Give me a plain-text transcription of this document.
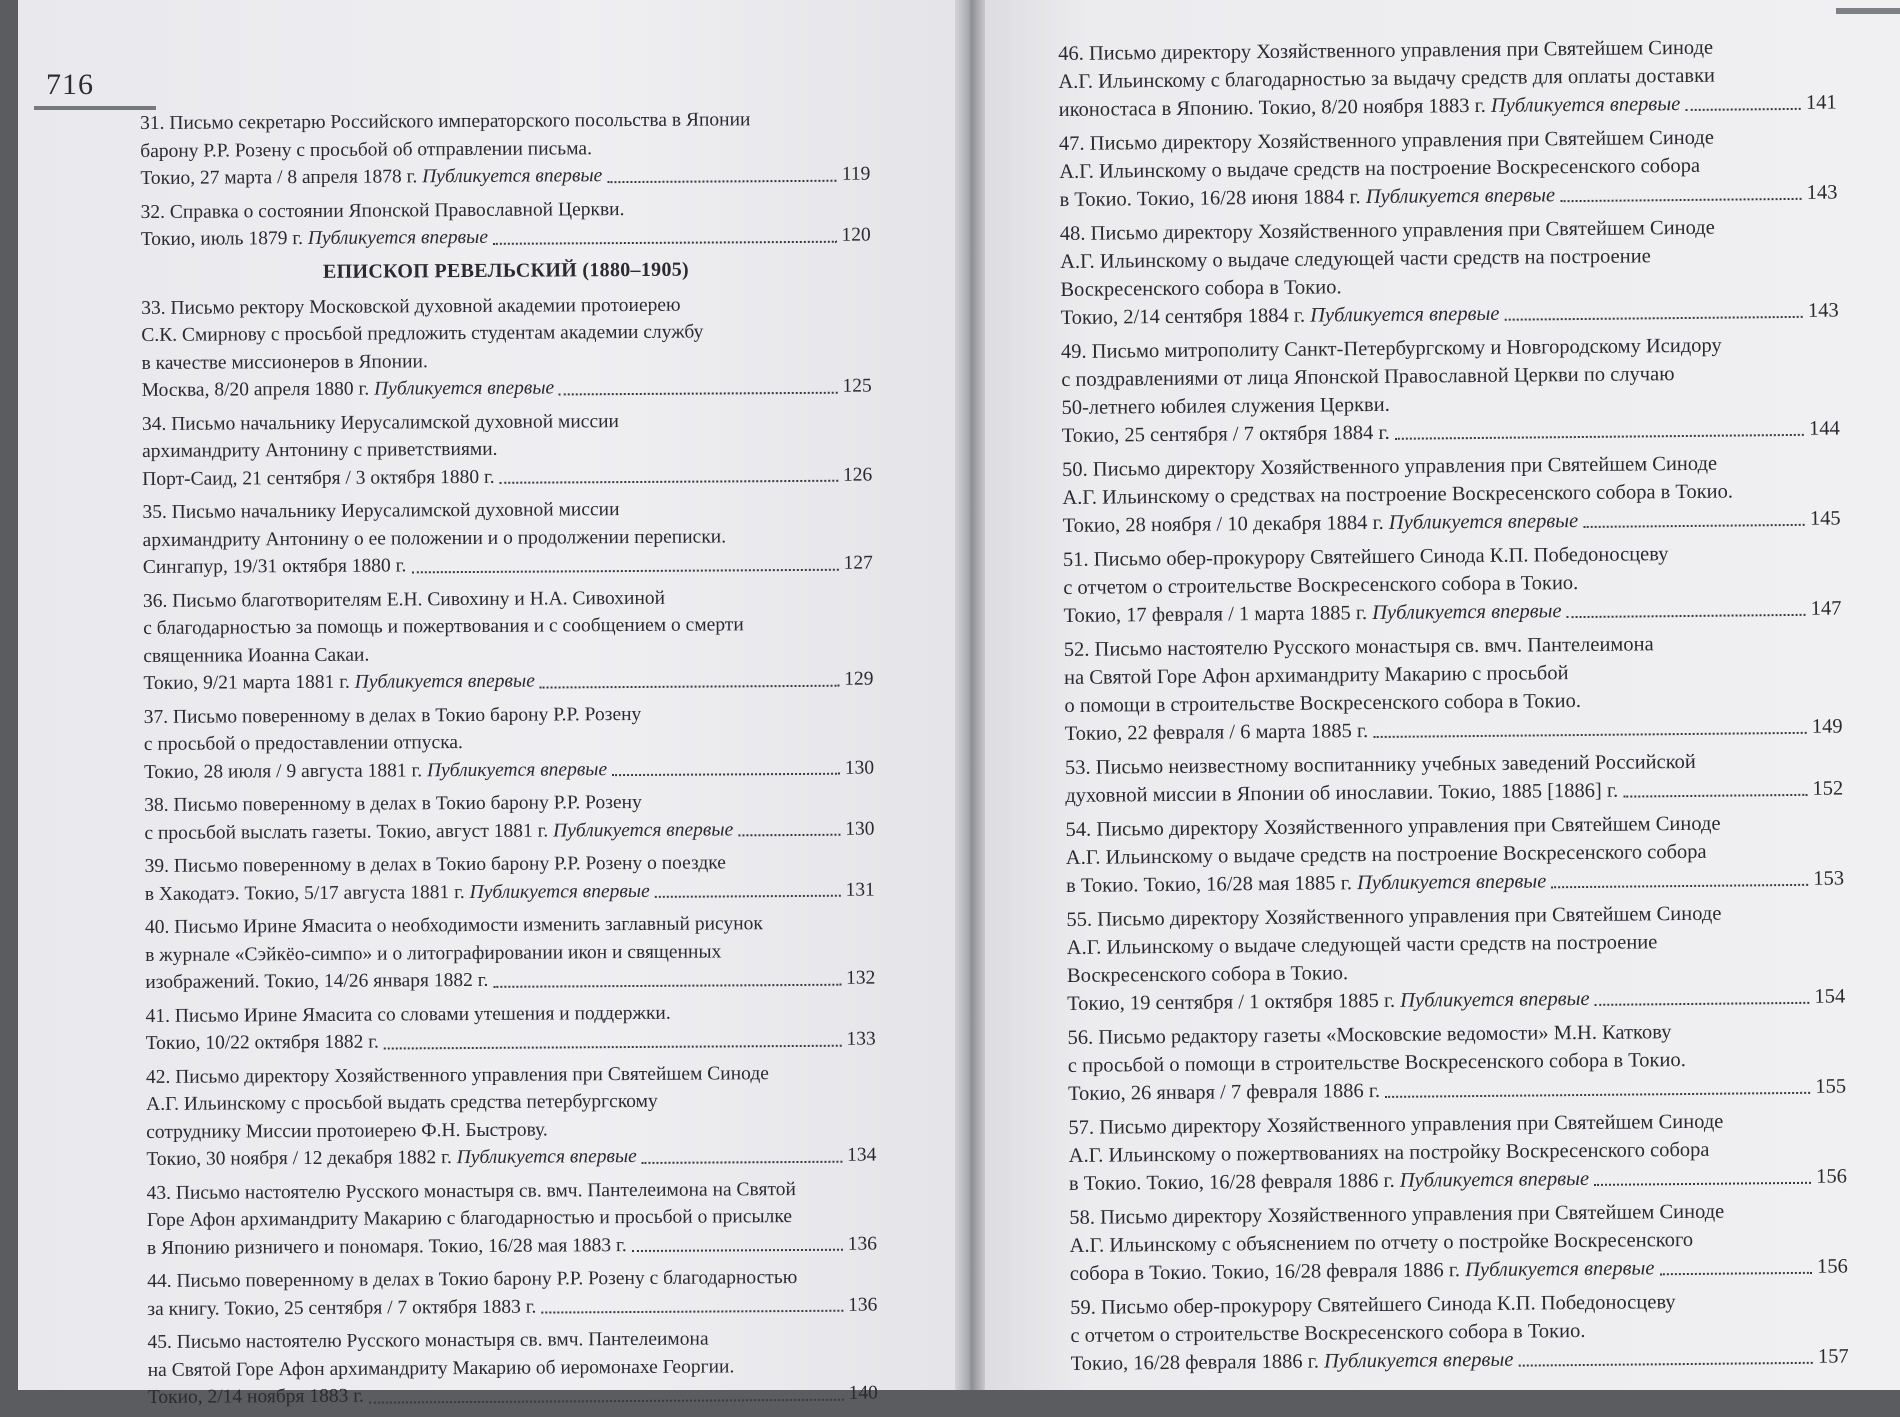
716
31. Письмо секретарю Российского императорского посольства в Японии
барону Р.Р. Розену с просьбой об отправлении письма.
Токио, 27 марта / 8 апреля 1878 г. Публикуется впервые	119
32. Справка о состоянии Японской Православной Церкви.
Токио, июль 1879 г. Публикуется впервые	120
ЕПИСКОП РЕВЕЛЬСКИЙ (1880–1905)
33. Письмо ректору Московской духовной академии протоиерею
С.К. Смирнову с просьбой предложить студентам академии службу
в качестве миссионеров в Японии.
Москва, 8/20 апреля 1880 г. Публикуется впервые	125
34. Письмо начальнику Иерусалимской духовной миссии
архимандриту Антонину с приветствиями.
Порт-Саид, 21 сентября / 3 октября 1880 г.	126
35. Письмо начальнику Иерусалимской духовной миссии
архимандриту Антонину о ее положении и о продолжении переписки.
Сингапур, 19/31 октября 1880 г.	127
36. Письмо благотворителям Е.Н. Сивохину и Н.А. Сивохиной
с благодарностью за помощь и пожертвования и с сообщением о смерти
священника Иоанна Сакаи.
Токио, 9/21 марта 1881 г. Публикуется впервые	129
37. Письмо поверенному в делах в Токио барону Р.Р. Розену
с просьбой о предоставлении отпуска.
Токио, 28 июля / 9 августа 1881 г. Публикуется впервые	130
38. Письмо поверенному в делах в Токио барону Р.Р. Розену
с просьбой выслать газеты. Токио, август 1881 г. Публикуется впервые	130
39. Письмо поверенному в делах в Токио барону Р.Р. Розену о поездке
в Хакодатэ. Токио, 5/17 августа 1881 г. Публикуется впервые	131
40. Письмо Ирине Ямасита о необходимости изменить заглавный рисунок
в журнале «Сэйкёо-симпо» и о литографировании икон и священных
изображений. Токио, 14/26 января 1882 г.	132
41. Письмо Ирине Ямасита со словами утешения и поддержки.
Токио, 10/22 октября 1882 г.	133
42. Письмо директору Хозяйственного управления при Святейшем Синоде
А.Г. Ильинскому с просьбой выдать средства петербургскому
сотруднику Миссии протоиерею Ф.Н. Быстрову.
Токио, 30 ноября / 12 декабря 1882 г. Публикуется впервые	134
43. Письмо настоятелю Русского монастыря св. вмч. Пантелеимона на Святой
Горе Афон архимандриту Макарию с благодарностью и просьбой о присылке
в Японию ризничего и пономаря. Токио, 16/28 мая 1883 г.	136
44. Письмо поверенному в делах в Токио барону Р.Р. Розену с благодарностью
за книгу. Токио, 25 сентября / 7 октября 1883 г.	136
45. Письмо настоятелю Русского монастыря св. вмч. Пантелеимона
на Святой Горе Афон архимандриту Макарию об иеромонахе Георгии.
Токио, 2/14 ноября 1883 г.	140
46. Письмо директору Хозяйственного управления при Святейшем Синоде
А.Г. Ильинскому с благодарностью за выдачу средств для оплаты доставки
иконостаса в Японию. Токио, 8/20 ноября 1883 г. Публикуется впервые	141
47. Письмо директору Хозяйственного управления при Святейшем Синоде
А.Г. Ильинскому о выдаче средств на построение Воскресенского собора
в Токио. Токио, 16/28 июня 1884 г. Публикуется впервые	143
48. Письмо директору Хозяйственного управления при Святейшем Синоде
А.Г. Ильинскому о выдаче следующей части средств на построение
Воскресенского собора в Токио.
Токио, 2/14 сентября 1884 г. Публикуется впервые	143
49. Письмо митрополиту Санкт-Петербургскому и Новгородскому Исидору
с поздравлениями от лица Японской Православной Церкви по случаю
50-летнего юбилея служения Церкви.
Токио, 25 сентября / 7 октября 1884 г.	144
50. Письмо директору Хозяйственного управления при Святейшем Синоде
А.Г. Ильинскому о средствах на построение Воскресенского собора в Токио.
Токио, 28 ноября / 10 декабря 1884 г. Публикуется впервые	145
51. Письмо обер-прокурору Святейшего Синода К.П. Победоносцеву
с отчетом о строительстве Воскресенского собора в Токио.
Токио, 17 февраля / 1 марта 1885 г. Публикуется впервые	147
52. Письмо настоятелю Русского монастыря св. вмч. Пантелеимона
на Святой Горе Афон архимандриту Макарию с просьбой
о помощи в строительстве Воскресенского собора в Токио.
Токио, 22 февраля / 6 марта 1885 г.	149
53. Письмо неизвестному воспитаннику учебных заведений Российской
духовной миссии в Японии об инославии. Токио, 1885 [1886] г.	152
54. Письмо директору Хозяйственного управления при Святейшем Синоде
А.Г. Ильинскому о выдаче средств на построение Воскресенского собора
в Токио. Токио, 16/28 мая 1885 г. Публикуется впервые	153
55. Письмо директору Хозяйственного управления при Святейшем Синоде
А.Г. Ильинскому о выдаче следующей части средств на построение
Воскресенского собора в Токио.
Токио, 19 сентября / 1 октября 1885 г. Публикуется впервые	154
56. Письмо редактору газеты «Московские ведомости» М.Н. Каткову
с просьбой о помощи в строительстве Воскресенского собора в Токио.
Токио, 26 января / 7 февраля 1886 г.	155
57. Письмо директору Хозяйственного управления при Святейшем Синоде
А.Г. Ильинскому о пожертвованиях на постройку Воскресенского собора
в Токио. Токио, 16/28 февраля 1886 г. Публикуется впервые	156
58. Письмо директору Хозяйственного управления при Святейшем Синоде
А.Г. Ильинскому с объяснением по отчету о постройке Воскресенского
собора в Токио. Токио, 16/28 февраля 1886 г. Публикуется впервые	156
59. Письмо обер-прокурору Святейшего Синода К.П. Победоносцеву
с отчетом о строительстве Воскресенского собора в Токио.
Токио, 16/28 февраля 1886 г. Публикуется впервые	157
